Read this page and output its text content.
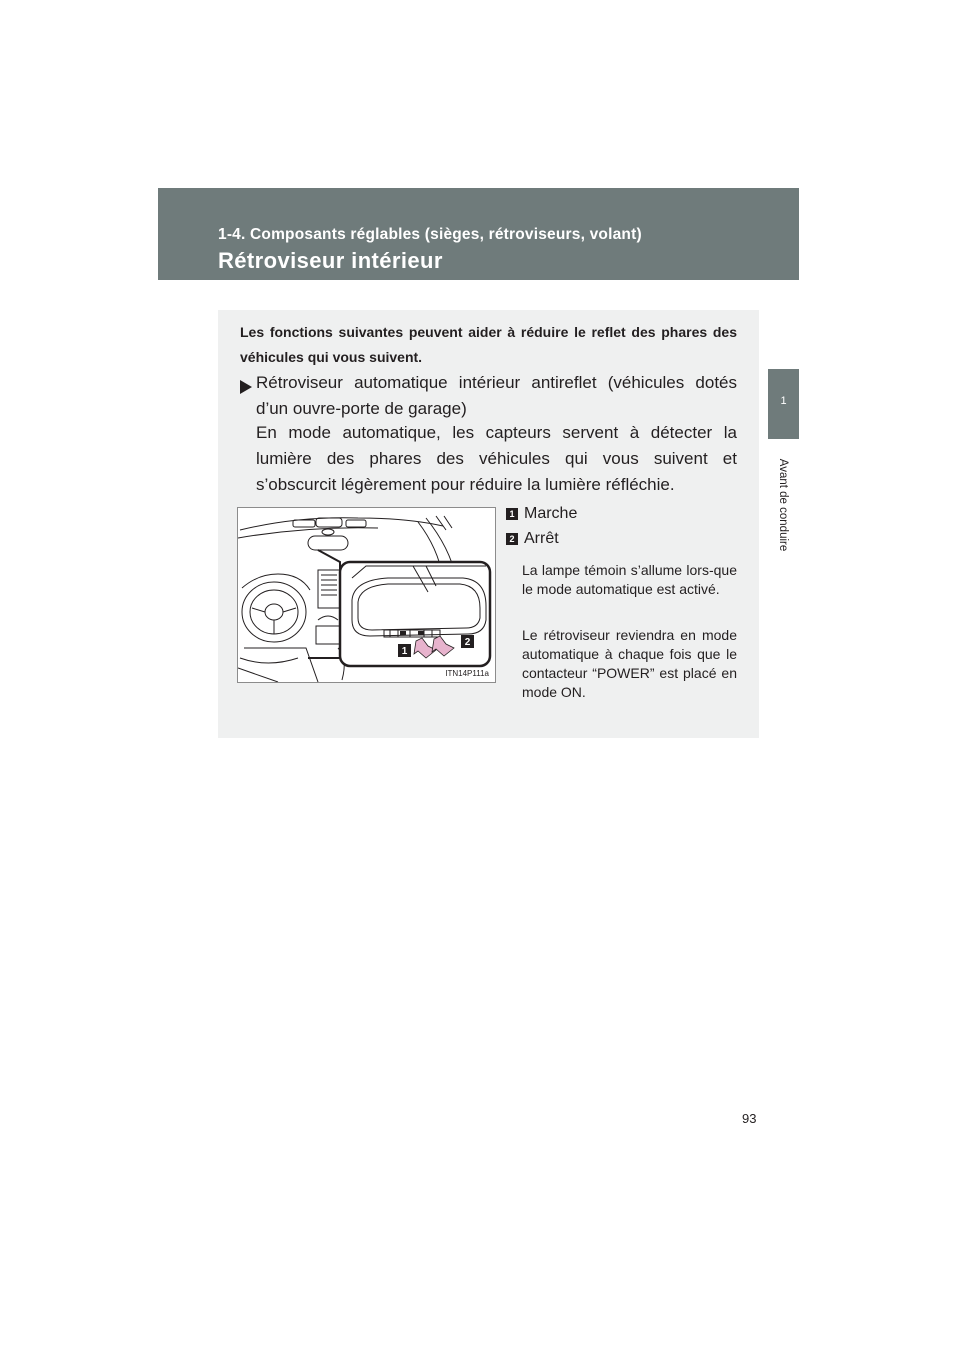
1-4. Composants réglables (sièges, rétroviseurs, volant)
Rétroviseur intérieur
1
Avant de conduire
Les fonctions suivantes peuvent aider à réduire le reflet des phares des véhicules qui vous suivent.
Rétroviseur automatique intérieur antireflet (véhicules dotés d’un ouvre-porte de garage)
En mode automatique, les capteurs servent à détecter la lumière des phares des véhicules qui vous suivent et s’obscurcit légèrement pour réduire la lumière réfléchie.
1
2
ITN14P111a
1 Marche
2 Arrêt
La lampe témoin s’allume lors-que le mode automatique est activé.
Le rétroviseur reviendra en mode automatique à chaque fois que le contacteur “POWER” est placé en mode ON.
93
